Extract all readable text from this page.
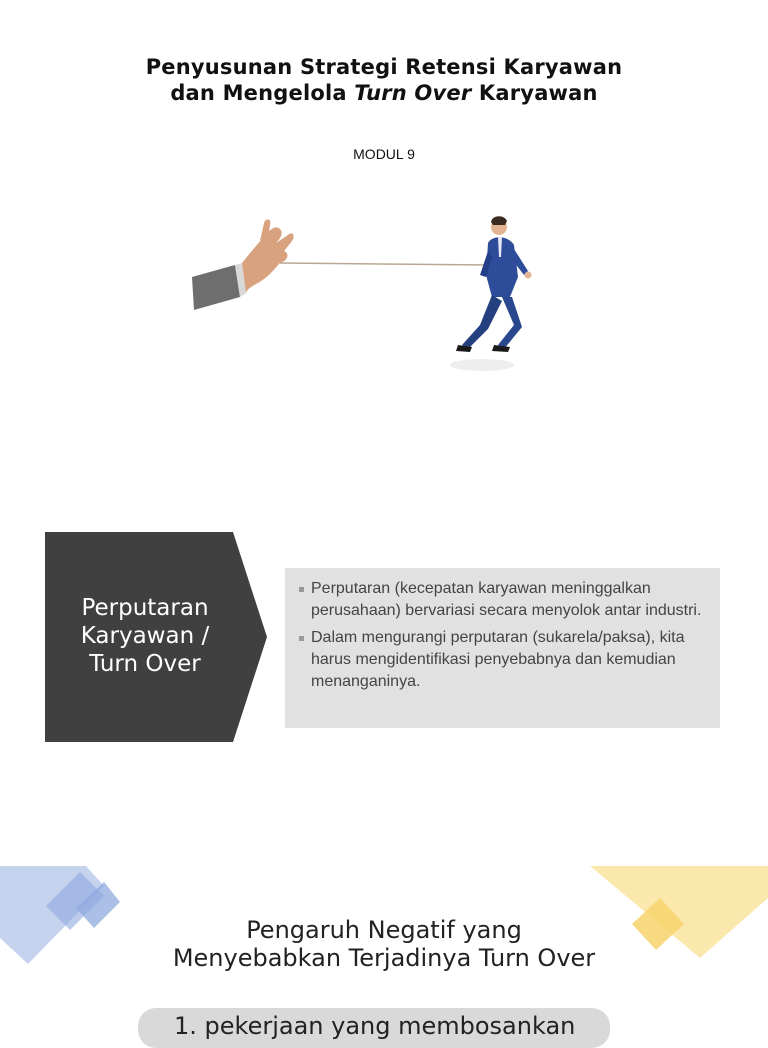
Penyusunan Strategi Retensi Karyawan
dan Mengelola Turn Over Karyawan
MODUL 9
Perputaran Karyawan / Turn Over
Perputaran (kecepatan karyawan meninggalkan perusahaan) bervariasi secara menyolok antar industri.
Dalam mengurangi perputaran (sukarela/paksa), kita harus mengidentifikasi penyebabnya dan kemudian menanganinya.
Pengaruh Negatif yang
Menyebabkan Terjadinya Turn Over
1. pekerjaan yang membosankan
